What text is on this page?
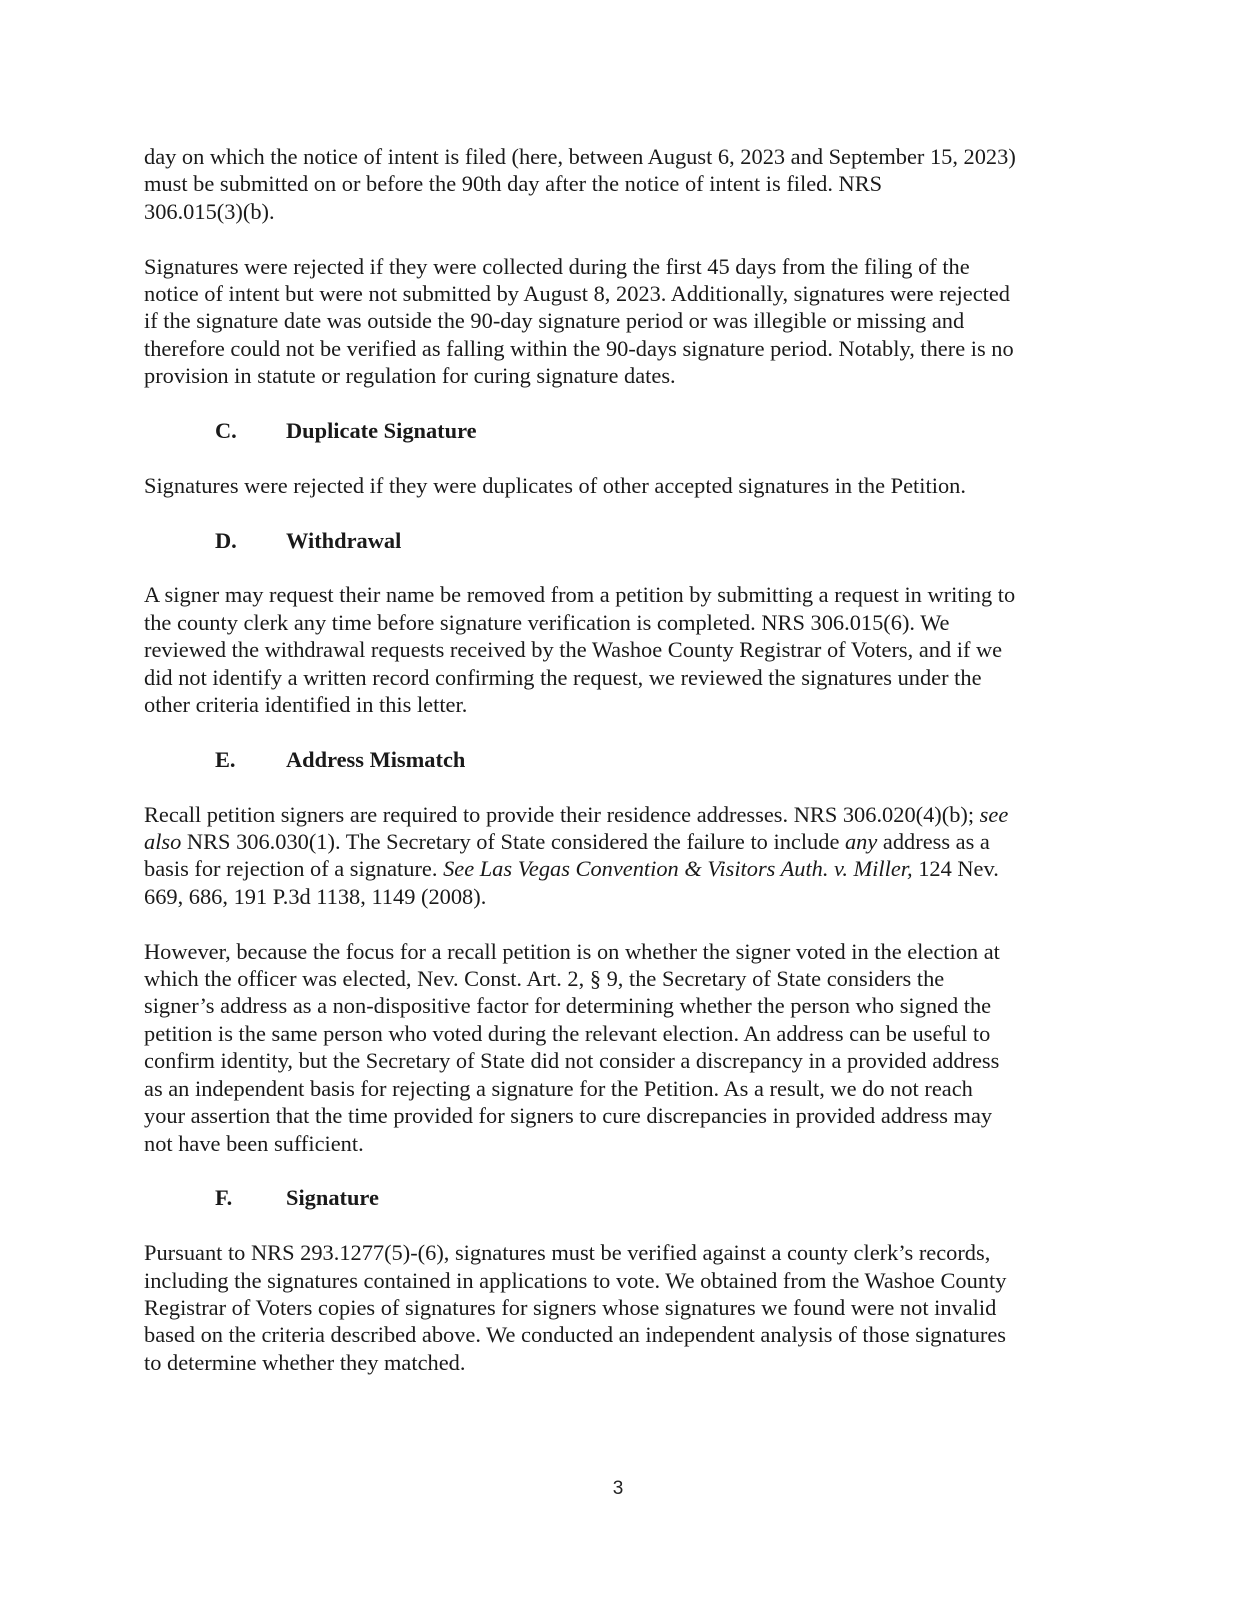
day on which the notice of intent is filed (here, between August 6, 2023 and September 15, 2023)
must be submitted on or before the 90th day after the notice of intent is filed. NRS
306.015(3)(b).

Signatures were rejected if they were collected during the first 45 days from the filing of the
notice of intent but were not submitted by August 8, 2023. Additionally, signatures were rejected
if the signature date was outside the 90-day signature period or was illegible or missing and
therefore could not be verified as falling within the 90-days signature period. Notably, there is no
provision in statute or regulation for curing signature dates.

C.	Duplicate Signature

Signatures were rejected if they were duplicates of other accepted signatures in the Petition.

D.	Withdrawal

A signer may request their name be removed from a petition by submitting a request in writing to
the county clerk any time before signature verification is completed. NRS 306.015(6). We
reviewed the withdrawal requests received by the Washoe County Registrar of Voters, and if we
did not identify a written record confirming the request, we reviewed the signatures under the
other criteria identified in this letter.

E.	Address Mismatch

Recall petition signers are required to provide their residence addresses. NRS 306.020(4)(b); see
also NRS 306.030(1). The Secretary of State considered the failure to include any address as a
basis for rejection of a signature. See Las Vegas Convention & Visitors Auth. v. Miller, 124 Nev.
669, 686, 191 P.3d 1138, 1149 (2008).

However, because the focus for a recall petition is on whether the signer voted in the election at
which the officer was elected, Nev. Const. Art. 2, § 9, the Secretary of State considers the
signer’s address as a non-dispositive factor for determining whether the person who signed the
petition is the same person who voted during the relevant election. An address can be useful to
confirm identity, but the Secretary of State did not consider a discrepancy in a provided address
as an independent basis for rejecting a signature for the Petition. As a result, we do not reach
your assertion that the time provided for signers to cure discrepancies in provided address may
not have been sufficient.

F.	Signature

Pursuant to NRS 293.1277(5)-(6), signatures must be verified against a county clerk’s records,
including the signatures contained in applications to vote. We obtained from the Washoe County
Registrar of Voters copies of signatures for signers whose signatures we found were not invalid
based on the criteria described above. We conducted an independent analysis of those signatures
to determine whether they matched.

3
